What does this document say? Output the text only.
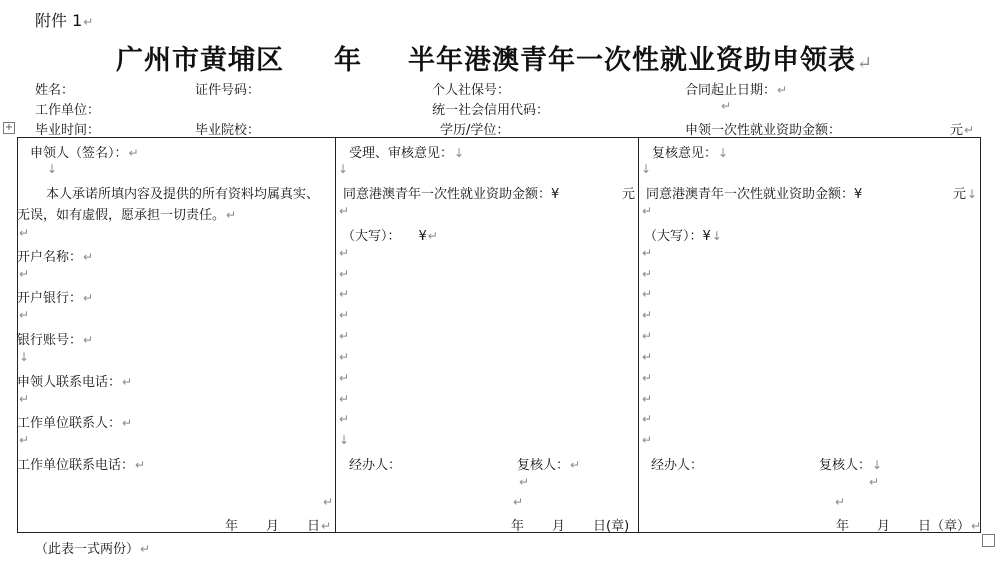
附件 1↵
广州市黄埔区 年 半年港澳青年一次性就业资助申领表↵
姓名：	证件号码：	个人社保号：	合同起止日期：↵
工作单位：	统一社会信用代码：	↵
+ 毕业时间：	毕业院校：	学历/学位：	申领一次性就业资助金额：	元↵
申领人（签名）：↵
↓
本人承诺所填内容及提供的所有资料均属真实、
无误，如有虚假，愿承担一切责任。↵
↵
开户名称：↵
↵
开户银行：↵
↵
银行账号：↵
↓
申领人联系电话：↵
↵
工作单位联系人：↵
↵
工作单位联系电话：↵
↵
年 月 日↵
受理、审核意见：↓
↓
同意港澳青年一次性就业资助金额：¥	元
↵
（大写）： ¥↵
↵
↵
↵
↵
↵
↵
↵
↵
↵
↓
经办人：	复核人：↵
↵
↵
年 月 日(章)
复核意见：↓
↓
同意港澳青年一次性就业资助金额：¥	元↓
↵
（大写）：¥↓
↵
↵
↵
↵
↵
↵
↵
↵
↵
↵
经办人：	复核人：↓
↵
↵
年 月 日（章）↵
（此表一式两份）↵
